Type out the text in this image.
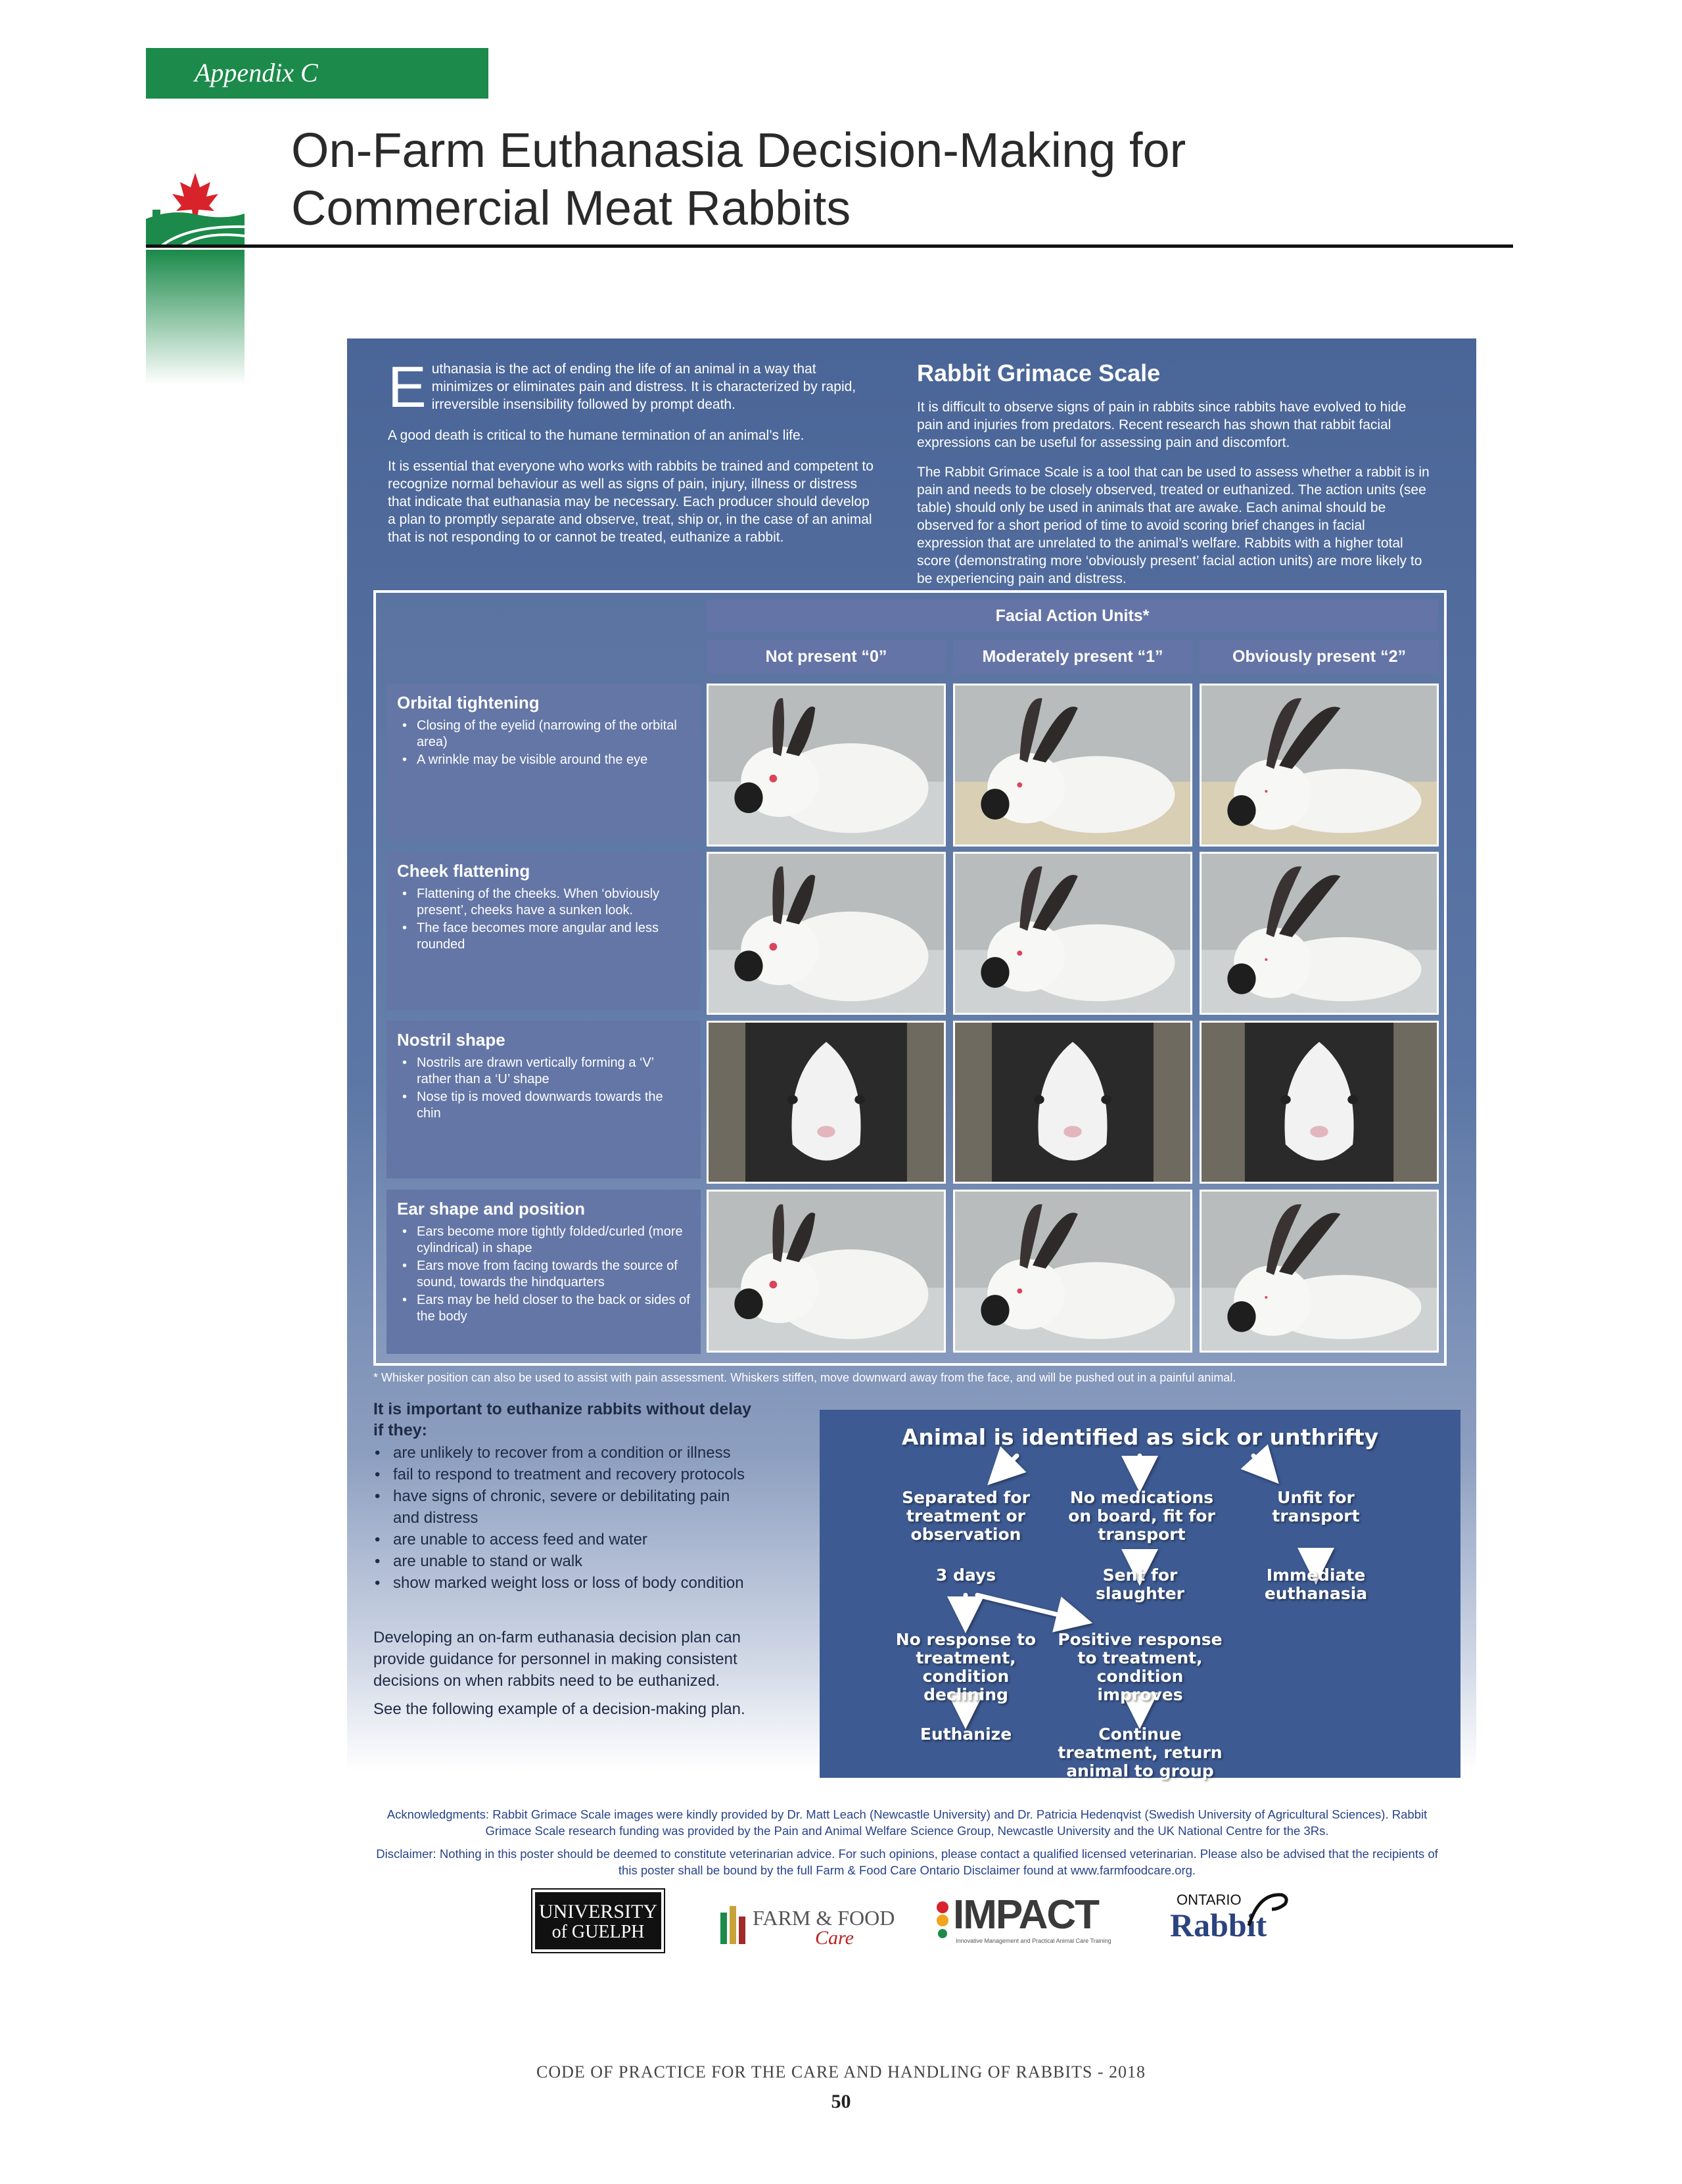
Appendix C
On-Farm Euthanasia Decision-Making for
Commercial Meat Rabbits

Euthanasia is the act of ending the life of an animal in a way that minimizes or eliminates pain and distress. It is characterized by rapid, irreversible insensibility followed by prompt death.

A good death is critical to the humane termination of an animal’s life.

It is essential that everyone who works with rabbits be trained and competent to recognize normal behaviour as well as signs of pain, injury, illness or distress that indicate that euthanasia may be necessary. Each producer should develop a plan to promptly separate and observe, treat, ship or, in the case of an animal that is not responding to or cannot be treated, euthanize a rabbit.

Rabbit Grimace Scale

It is difficult to observe signs of pain in rabbits since rabbits have evolved to hide pain and injuries from predators. Recent research has shown that rabbit facial expressions can be useful for assessing pain and discomfort.

The Rabbit Grimace Scale is a tool that can be used to assess whether a rabbit is in pain and needs to be closely observed, treated or euthanized. The action units (see table) should only be used in animals that are awake. Each animal should be observed for a short period of time to avoid scoring brief changes in facial expression that are unrelated to the animal’s welfare. Rabbits with a higher total score (demonstrating more ‘obviously present’ facial action units) are more likely to be experiencing pain and distress.

Facial Action Units*
Not present “0”	Moderately present “1”	Obviously present “2”
Orbital tightening
• Closing of the eyelid (narrowing of the orbital area)
• A wrinkle may be visible around the eye
Cheek flattening
• Flattening of the cheeks. When ‘obviously present’, cheeks have a sunken look.
• The face becomes more angular and less rounded
Nostril shape
• Nostrils are drawn vertically forming a ‘V’ rather than a ‘U’ shape
• Nose tip is moved downwards towards the chin
Ear shape and position
• Ears become more tightly folded/curled (more cylindrical) in shape
• Ears move from facing towards the source of sound, towards the hindquarters
• Ears may be held closer to the back or sides of the body
* Whisker position can also be used to assist with pain assessment. Whiskers stiffen, move downward away from the face, and will be pushed out in a painful animal.
It is important to euthanize rabbits without delay if they:
• are unlikely to recover from a condition or illness
• fail to respond to treatment and recovery protocols
• have signs of chronic, severe or debilitating pain and distress
• are unable to access feed and water
• are unable to stand or walk
• show marked weight loss or loss of body condition

Developing an on-farm euthanasia decision plan can provide guidance for personnel in making consistent decisions on when rabbits need to be euthanized.

See the following example of a decision-making plan.

Animal is identified as sick or unthrifty
Separated for treatment or observation
No medications on board, fit for transport
Unfit for transport
3 days	Sent for slaughter
Immediate euthanasia
No response to treatment, condition declining
Positive response to treatment, condition improves
Euthanize	Continue treatment, return animal to group

Acknowledgments: Rabbit Grimace Scale images were kindly provided by Dr. Matt Leach (Newcastle University) and Dr. Patricia Hedenqvist (Swedish University of Agricultural Sciences). Rabbit Grimace Scale research funding was provided by the Pain and Animal Welfare Science Group, Newcastle University and the UK National Centre for the 3Rs.

Disclaimer: Nothing in this poster should be deemed to constitute veterinarian advice. For such opinions, please contact a qualified licensed veterinarian. Please also be advised that the recipients of this poster shall be bound by the full Farm & Food Care Ontario Disclaimer found at www.farmfoodcare.org.

UNIVERSITY
of GUELPH
FARM & FOOD
Care
IMPACT
Innovative Management and Practical Animal Care Training
ONTARIO
Rabbit
CODE OF PRACTICE FOR THE CARE AND HANDLING OF RABBITS - 2018
50
